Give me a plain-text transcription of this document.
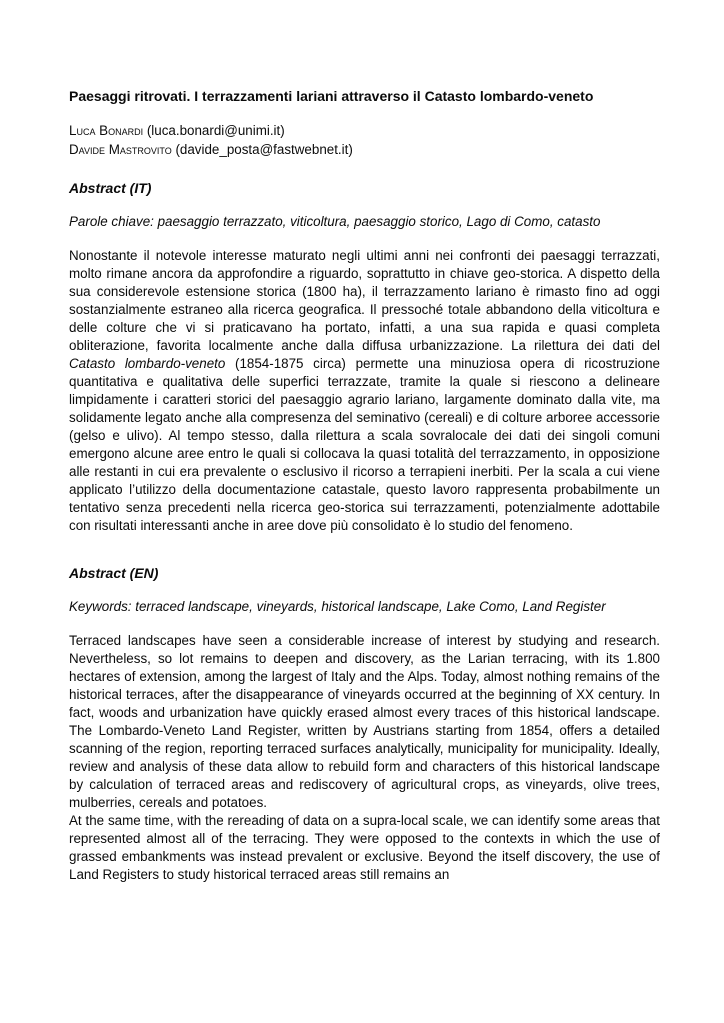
Paesaggi ritrovati. I terrazzamenti lariani attraverso il Catasto lombardo-veneto
Luca Bonardi (luca.bonardi@unimi.it)
Davide Mastrovito (davide_posta@fastwebnet.it)
Abstract (IT)

Parole chiave: paesaggio terrazzato, viticoltura, paesaggio storico, Lago di Como, catasto

Nonostante il notevole interesse maturato negli ultimi anni nei confronti dei paesaggi terrazzati, molto rimane ancora da approfondire a riguardo, soprattutto in chiave geo-storica. A dispetto della sua considerevole estensione storica (1800 ha), il terrazzamento lariano è rimasto fino ad oggi sostanzialmente estraneo alla ricerca geografica. Il pressoché totale abbandono della viticoltura e delle colture che vi si praticavano ha portato, infatti, a una sua rapida e quasi completa obliterazione, favorita localmente anche dalla diffusa urbanizzazione. La rilettura dei dati del Catasto lombardo-veneto (1854-1875 circa) permette una minuziosa opera di ricostruzione quantitativa e qualitativa delle superfici terrazzate, tramite la quale si riescono a delineare limpidamente i caratteri storici del paesaggio agrario lariano, largamente dominato dalla vite, ma solidamente legato anche alla compresenza del seminativo (cereali) e di colture arboree accessorie (gelso e ulivo). Al tempo stesso, dalla rilettura a scala sovralocale dei dati dei singoli comuni emergono alcune aree entro le quali si collocava la quasi totalità del terrazzamento, in opposizione alle restanti in cui era prevalente o esclusivo il ricorso a terrapieni inerbiti. Per la scala a cui viene applicato l’utilizzo della documentazione catastale, questo lavoro rappresenta probabilmente un tentativo senza precedenti nella ricerca geo-storica sui terrazzamenti, potenzialmente adottabile con risultati interessanti anche in aree dove più consolidato è lo studio del fenomeno.

Abstract (EN)

Keywords: terraced landscape, vineyards, historical landscape, Lake Como, Land Register

Terraced landscapes have seen a considerable increase of interest by studying and research. Nevertheless, so lot remains to deepen and discovery, as the Larian terracing, with its 1.800 hectares of extension, among the largest of Italy and the Alps. Today, almost nothing remains of the historical terraces, after the disappearance of vineyards occurred at the beginning of XX century. In fact, woods and urbanization have quickly erased almost every traces of this historical landscape. The Lombardo-Veneto Land Register, written by Austrians starting from 1854, offers a detailed scanning of the region, reporting terraced surfaces analytically, municipality for municipality. Ideally, review and analysis of these data allow to rebuild form and characters of this historical landscape by calculation of terraced areas and rediscovery of agricultural crops, as vineyards, olive trees, mulberries, cereals and potatoes.

At the same time, with the rereading of data on a supra-local scale, we can identify some areas that represented almost all of the terracing. They were opposed to the contexts in which the use of grassed embankments was instead prevalent or exclusive. Beyond the itself discovery, the use of Land Registers to study historical terraced areas still remains an
